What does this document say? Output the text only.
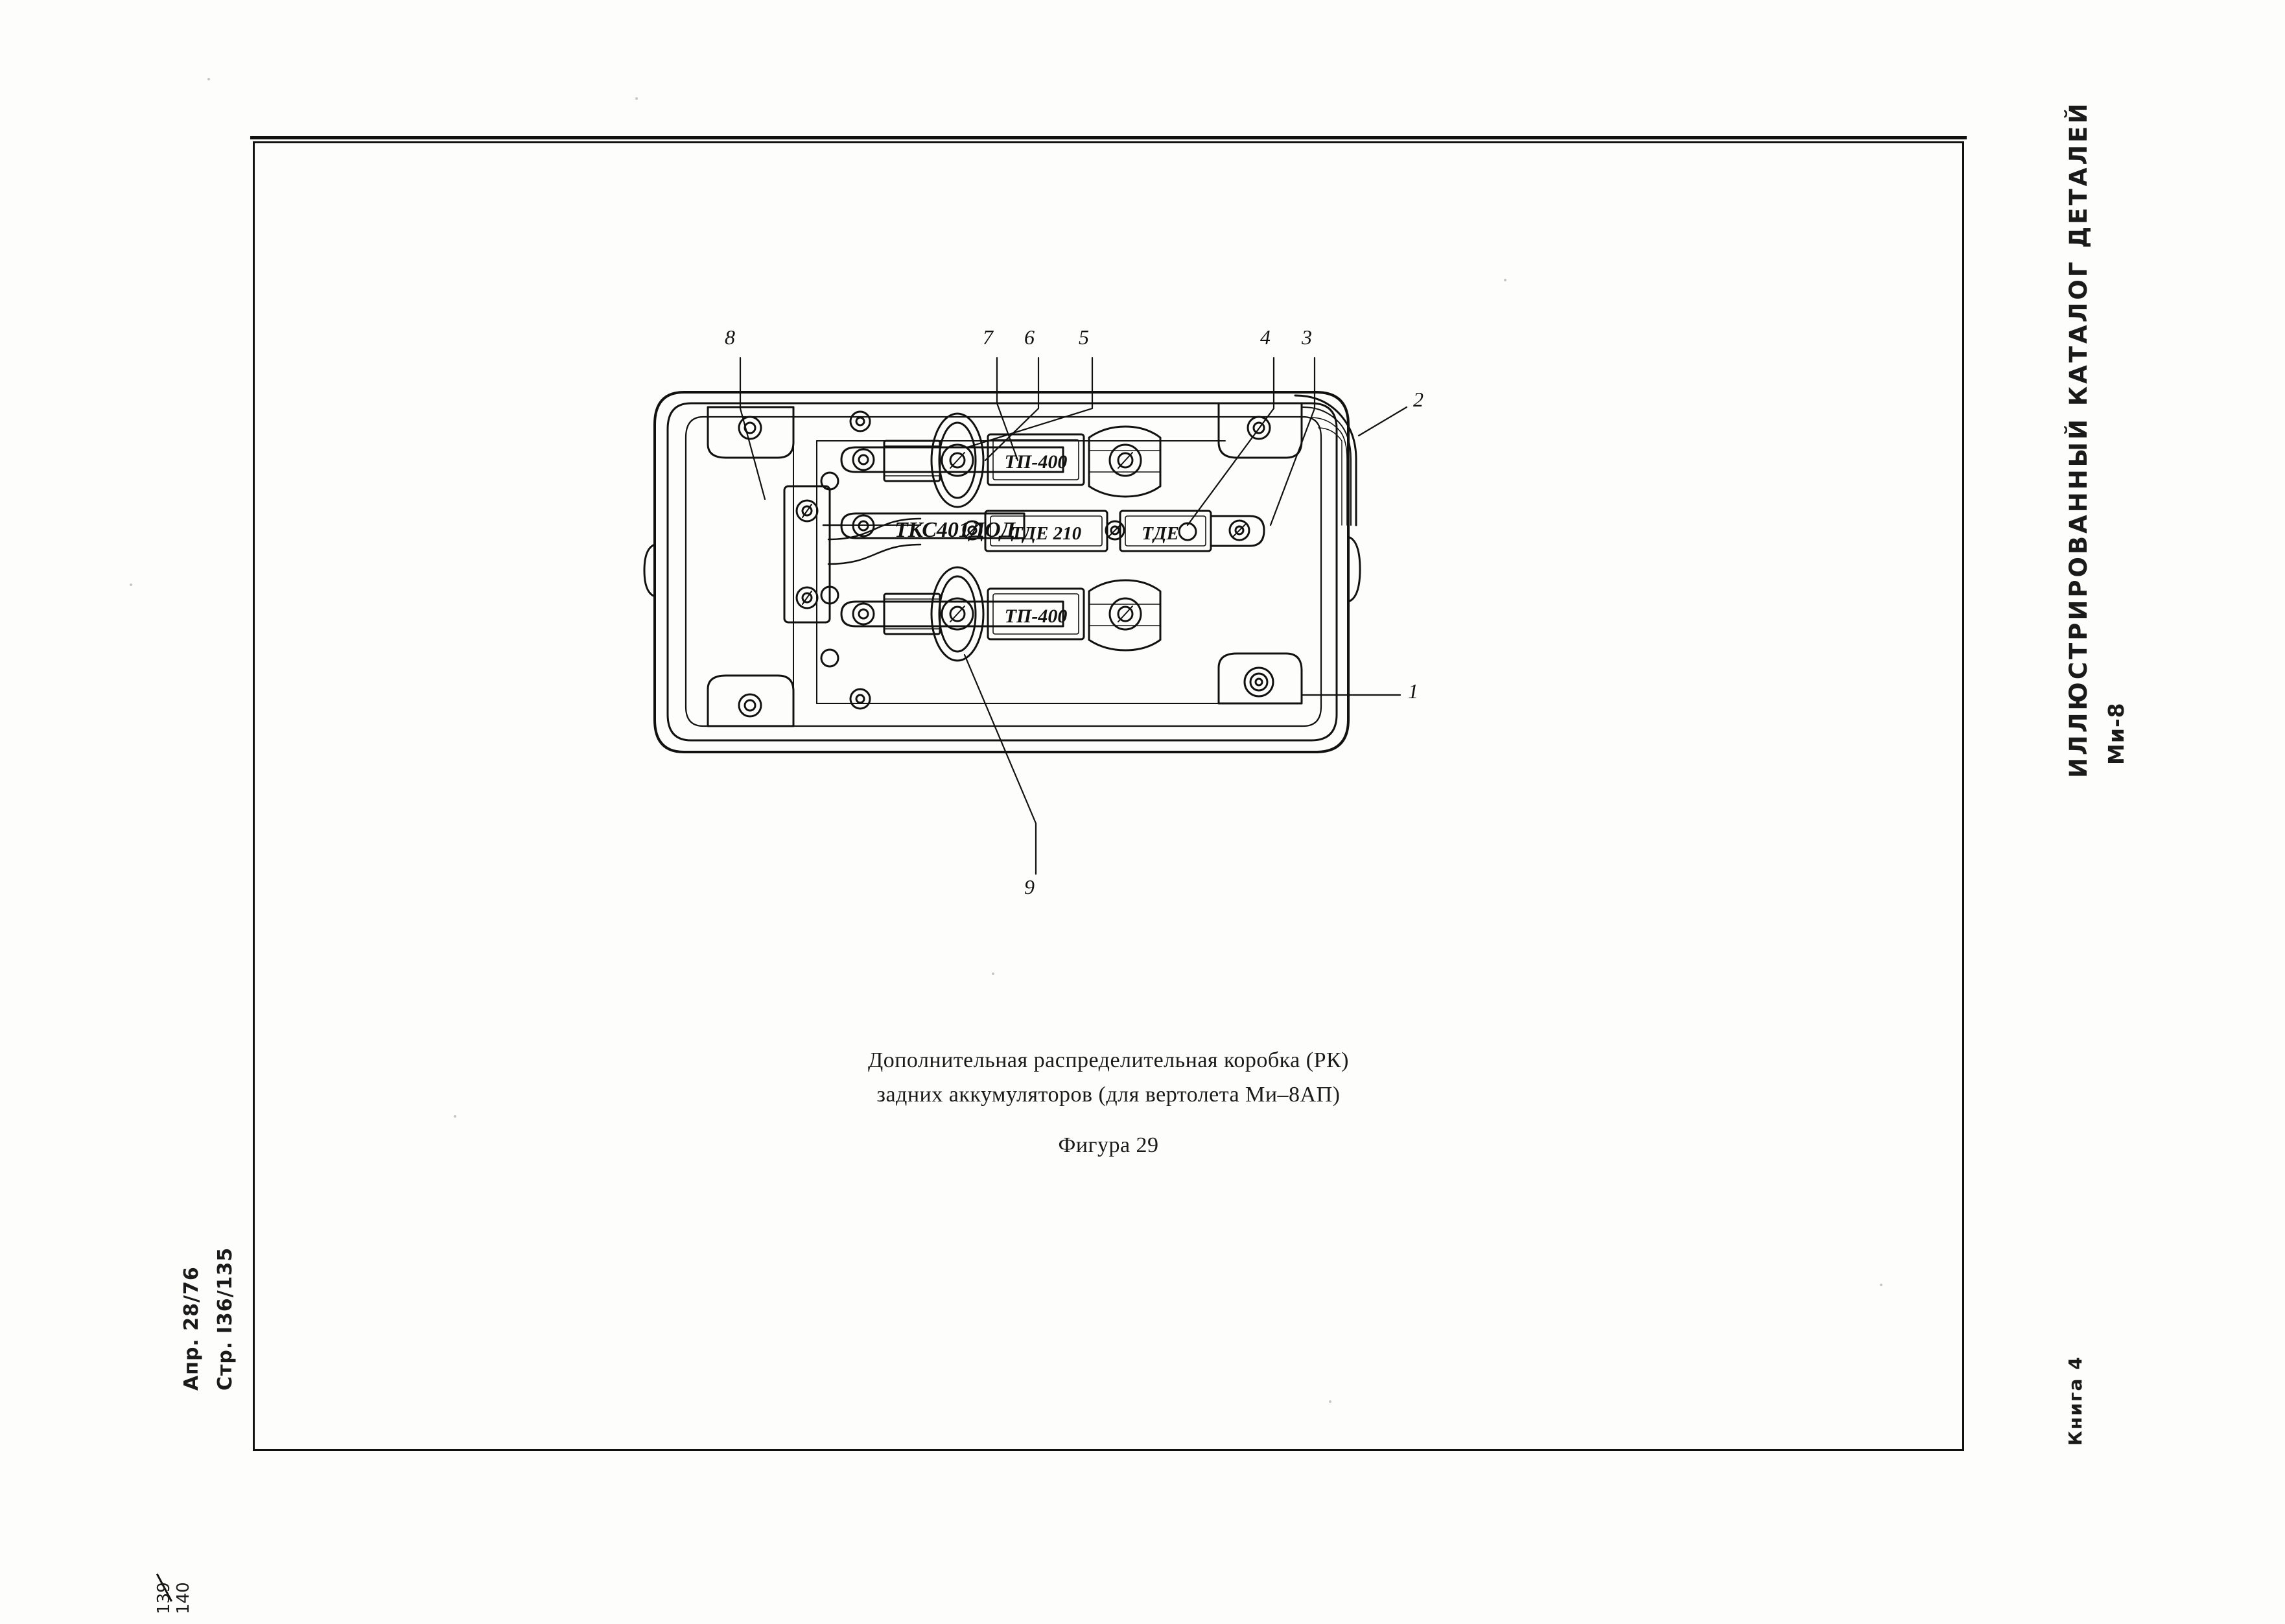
Ми-8
ИЛЛЮСТРИРОВАННЫЙ КАТАЛОГ ДЕТАЛЕЙ
Книга 4
Стр. I36/135
Апр. 28/76
140
139
ТКС401ДОД
ТП-400
ТП-400
ТДЕ 210	ТДЕ
8	7 6 5	4 3
2
1
9
Дополнительная распределительная коробка (РК)
задних аккумуляторов (для вертолета Ми–8АП)
Фигура 29
